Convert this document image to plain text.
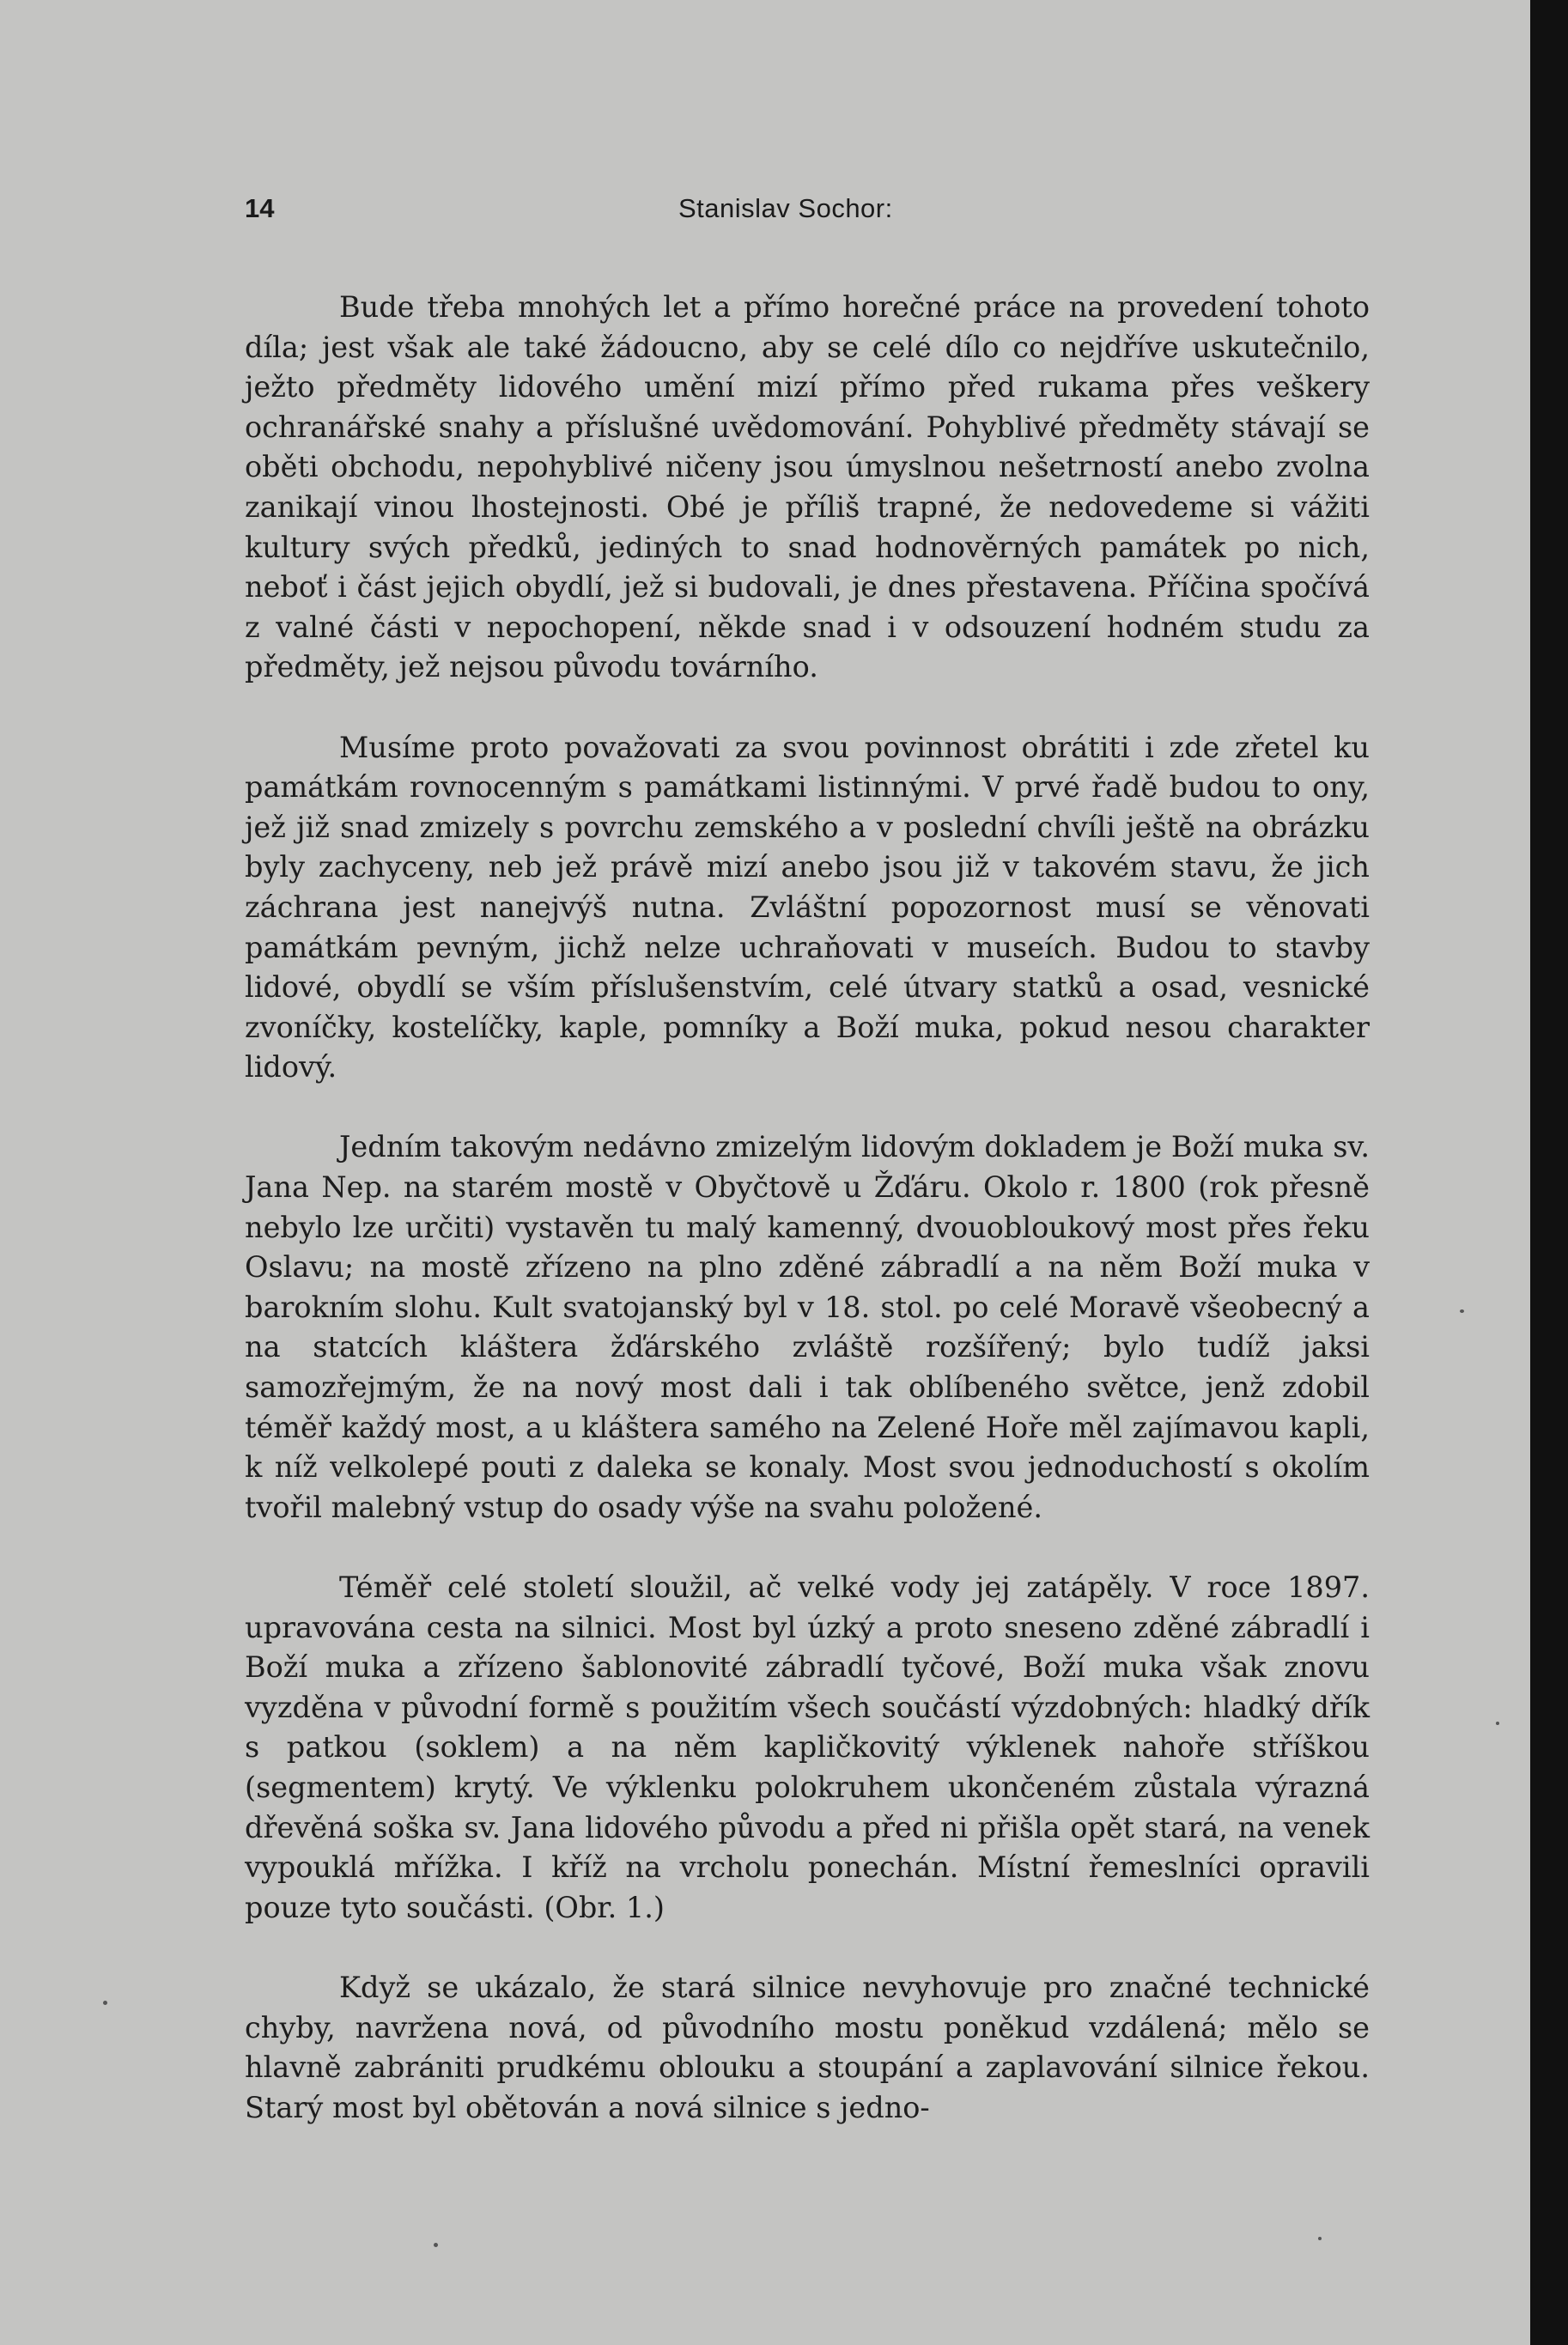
14	Stanislav Sochor:

Bude třeba mnohých let a přímo horečné práce na provedení tohoto díla; jest však ale také žádoucno, aby se celé dílo co nejdříve uskutečnilo, ježto předměty lidového umění mizí přímo před rukama přes veškery ochranářské snahy a příslušné uvědomování. Pohyblivé předměty stávají se oběti obchodu, nepohyblivé ničeny jsou úmyslnou nešetrností anebo zvolna zanikají vinou lhostejnosti. Obé je příliš trapné, že nedovedeme si vážiti kultury svých předků, jediných to snad hodnověrných památek po nich, neboť i část jejich obydlí, jež si budovali, je dnes přestavena. Příčina spočívá z valné části v nepochopení, někde snad i v odsouzení hodném studu za předměty, jež nejsou původu továrního.

Musíme proto považovati za svou povinnost obrátiti i zde zřetel ku památkám rovnocenným s památkami listinnými. V prvé řadě budou to ony, jež již snad zmizely s povrchu zemského a v poslední chvíli ještě na obrázku byly zachyceny, neb jež právě mizí anebo jsou již v takovém stavu, že jich záchrana jest nanejvýš nutna. Zvláštní popozornost musí se věnovati památkám pevným, jichž nelze uchraňovati v museích. Budou to stavby lidové, obydlí se vším příslušenstvím, celé útvary statků a osad, vesnické zvoníčky, kostelíčky, kaple, pomníky a Boží muka, pokud nesou charakter lidový.

Jedním takovým nedávno zmizelým lidovým dokladem je Boží muka sv. Jana Nep. na starém mostě v Obyčtově u Žďáru. Okolo r. 1800 (rok přesně nebylo lze určiti) vystavěn tu malý kamenný, dvouobloukový most přes řeku Oslavu; na mostě zřízeno na plno zděné zábradlí a na něm Boží muka v barokním slohu. Kult svatojanský byl v 18. stol. po celé Moravě všeobecný a na statcích kláštera žďárského zvláště rozšířený; bylo tudíž jaksi samozřejmým, že na nový most dali i tak oblíbeného světce, jenž zdobil téměř každý most, a u kláštera samého na Zelené Hoře měl zajímavou kapli, k níž velkolepé pouti z daleka se konaly. Most svou jednoduchostí s okolím tvořil malebný vstup do osady výše na svahu položené.

Téměř celé století sloužil, ač velké vody jej zatápěly. V roce 1897. upravována cesta na silnici. Most byl úzký a proto sneseno zděné zábradlí i Boží muka a zřízeno šablonovité zábradlí tyčové, Boží muka však znovu vyzděna v původní formě s použitím všech součástí výzdobných: hladký dřík s patkou (soklem) a na něm kapličkovitý výklenek nahoře stříškou (segmentem) krytý. Ve výklenku polokruhem ukončeném zůstala výrazná dřevěná soška sv. Jana lidového původu a před ni přišla opět stará, na venek vypouklá mřížka. I kříž na vrcholu ponechán. Místní řemeslníci opravili pouze tyto součásti. (Obr. 1.)

Když se ukázalo, že stará silnice nevyhovuje pro značné technické chyby, navržena nová, od původního mostu poněkud vzdálená; mělo se hlavně zabrániti prudkému oblouku a stoupání a zaplavování silnice řekou. Starý most byl obětován a nová silnice s jedno-
